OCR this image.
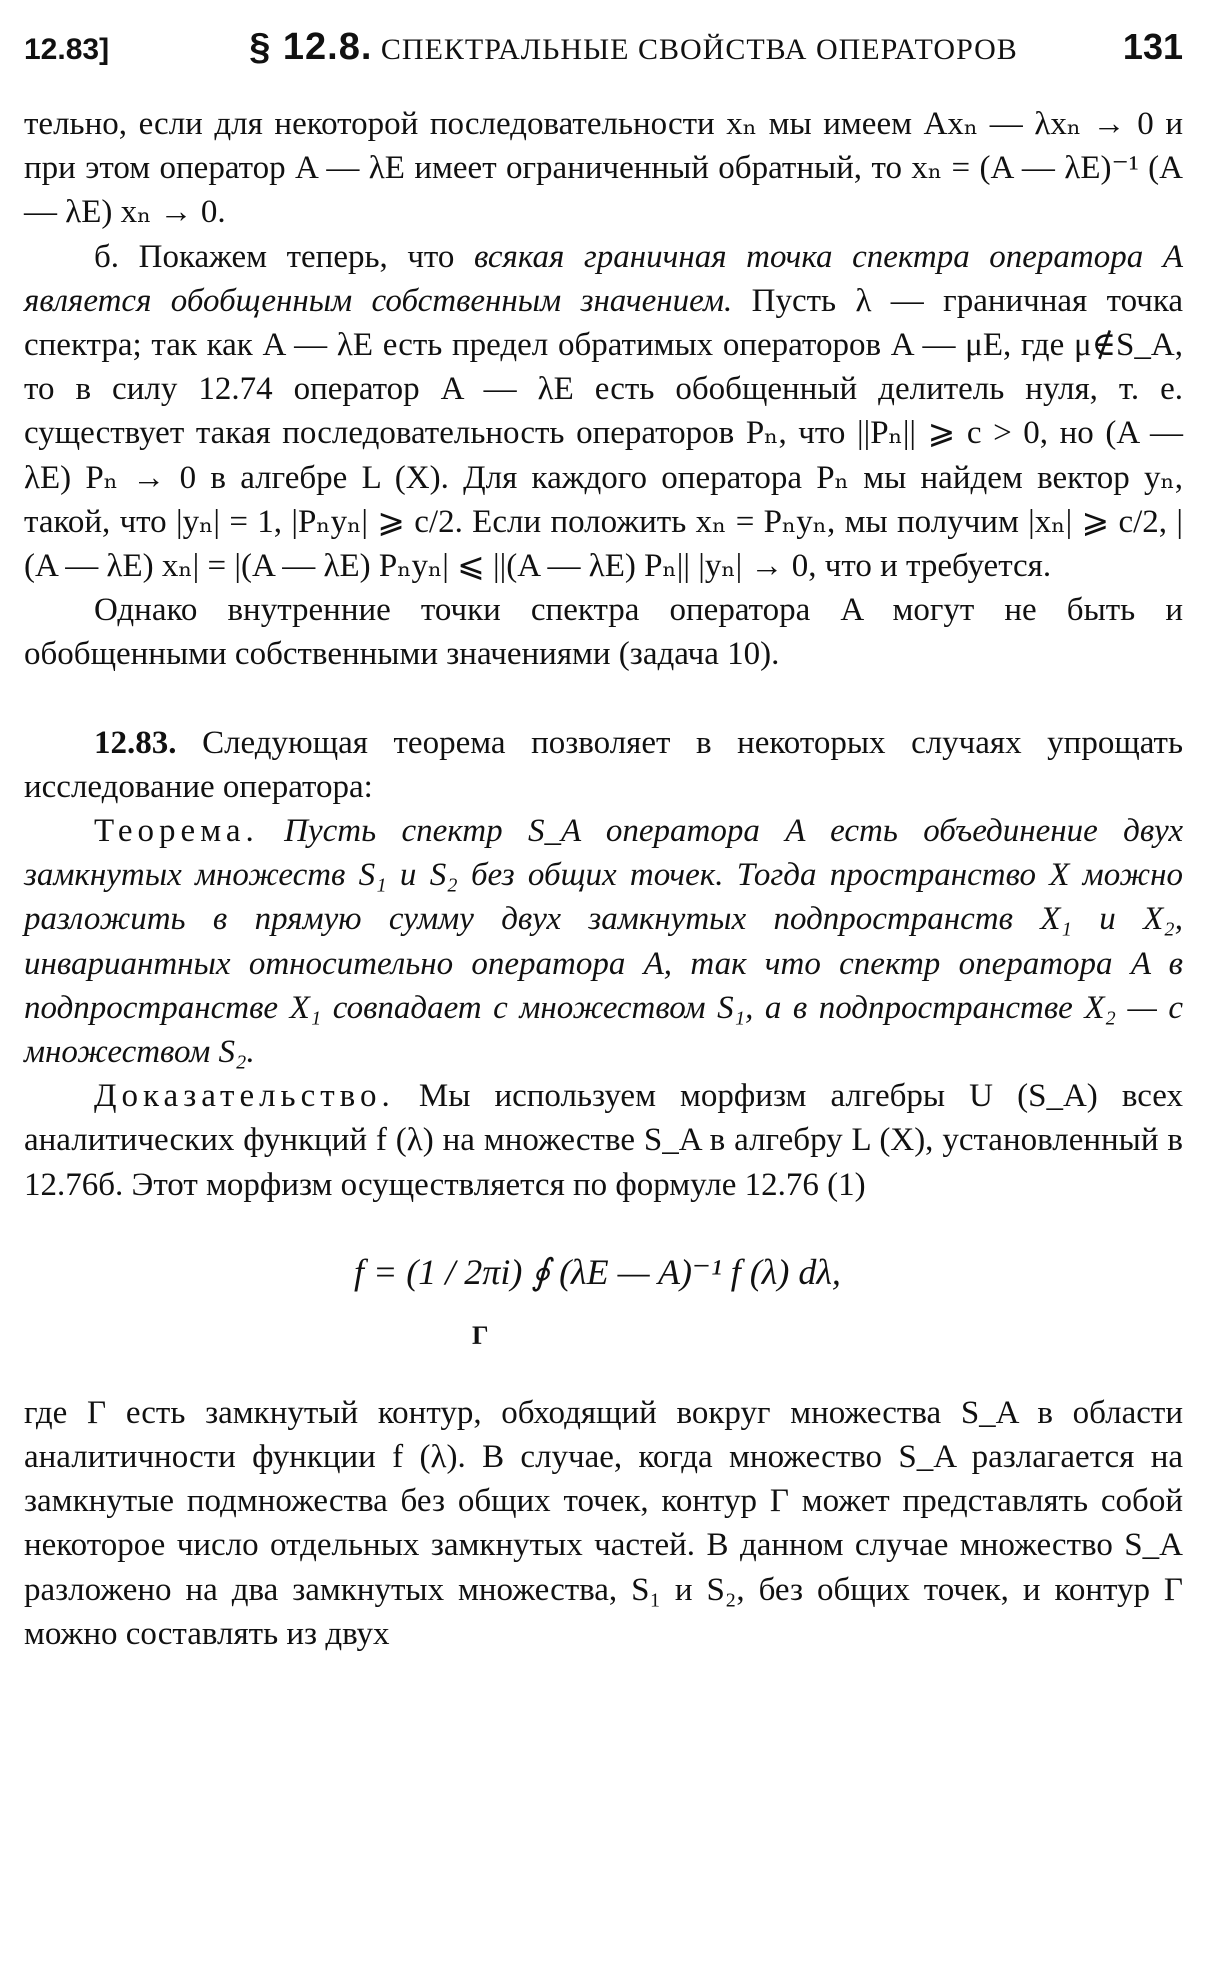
12.83]	§ 12.8. СПЕКТРАЛЬНЫЕ СВОЙСТВА ОПЕРАТОРОВ	131

тельно, если для некоторой последовательности xₙ мы имеем Axₙ — λxₙ → 0 и при этом оператор A — λE имеет ограниченный обратный, то xₙ = (A — λE)⁻¹ (A — λE) xₙ → 0.

б. Покажем теперь, что всякая граничная точка спектра оператора A является обобщенным собственным значением. Пусть λ — граничная точка спектра; так как A — λE есть предел обратимых операторов A — μE, где μ∉S_A, то в силу 12.74 оператор A — λE есть обобщенный делитель нуля, т. е. существует такая последовательность операторов Pₙ, что ||Pₙ|| ⩾ c > 0, но (A — λE) Pₙ → 0 в алгебре L (X). Для каждого оператора Pₙ мы найдем вектор yₙ, такой, что |yₙ| = 1, |Pₙyₙ| ⩾ c/2. Если положить xₙ = Pₙyₙ, мы получим |xₙ| ⩾ c/2, |(A — λE) xₙ| = |(A — λE) Pₙyₙ| ⩽ ||(A — λE) Pₙ|| |yₙ| → 0, что и требуется.

Однако внутренние точки спектра оператора A могут не быть и обобщенными собственными значениями (задача 10).

12.83. Следующая теорема позволяет в некоторых случаях упрощать исследование оператора:

Теорема. Пусть спектр S_A оператора A есть объединение двух замкнутых множеств S₁ и S₂ без общих точек. Тогда пространство X можно разложить в прямую сумму двух замкнутых подпространств X₁ и X₂, инвариантных относительно оператора A, так что спектр оператора A в подпространстве X₁ совпадает с множеством S₁, а в подпространстве X₂ — с множеством S₂.

Доказательство. Мы используем морфизм алгебры U (S_A) всех аналитических функций f (λ) на множестве S_A в алгебру L (X), установленный в 12.76б. Этот морфизм осуществляется по формуле 12.76 (1)

f = (1 / 2πi) ∮ (λE — A)⁻¹ f (λ) dλ,
Γ

где Γ есть замкнутый контур, обходящий вокруг множества S_A в области аналитичности функции f (λ). В случае, когда множество S_A разлагается на замкнутые подмножества без общих точек, контур Γ может представлять собой некоторое число отдельных замкнутых частей. В данном случае множество S_A разложено на два замкнутых множества, S₁ и S₂, без общих точек, и контур Γ можно составлять из двух
